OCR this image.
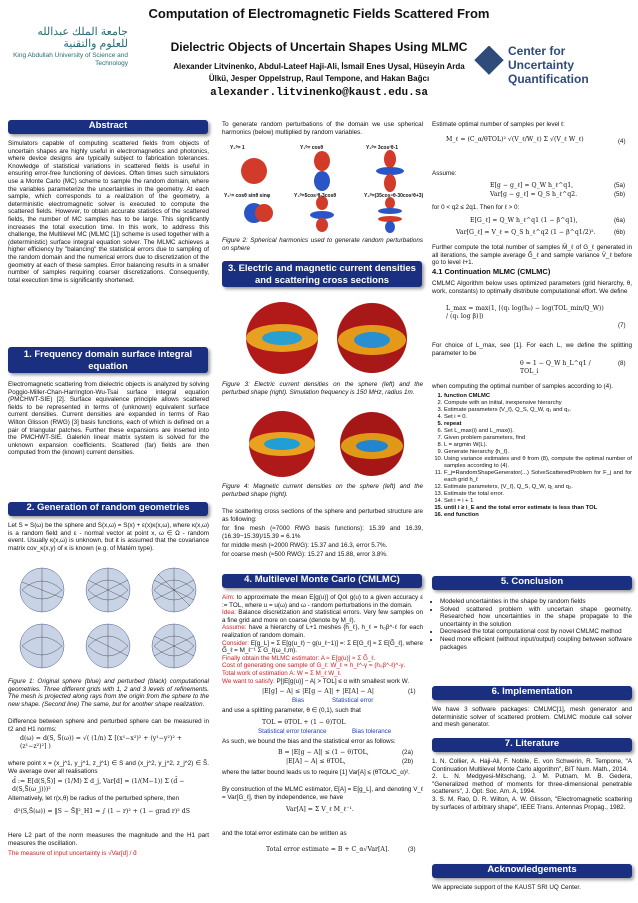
Computation of Electromagnetic Fields Scattered From
جامعة الملك عبدالله للعلوم والتقنية
King Abdullah University of Science and Technology
Center for Uncertainty Quantification
Dielectric Objects of Uncertain Shapes Using MLMC
Alexander Litvinenko, Abdul-Lateef Haji-Ali, İsmail Enes Uysal, Hüseyin Arda
Ülkü, Jesper Oppelstrup, Raul Tempone, and Hakan Bağcı
alexander.litvinenko@kaust.edu.sa
Abstract
Simulators capable of computing scattered fields from objects of uncertain shapes are highly useful in electromagnetics and photonics, where device designs are typically subject to fabrication tolerances. Knowledge of statistical variations in scattered fields is useful in ensuring error-free functioning of devices. Often times such simulators use a Monte Carlo (MC) scheme to sample the random domain, where the variables parameterize the uncertainties in the geometry. At each sample, which corresponds to a realization of the geometry, a deterministic electromagnetic solver is executed to compute the scattered fields. However, to obtain accurate statistics of the scattered fields, the number of MC samples has to be large. This significantly increases the total execution time. In this work, to address this challenge, the Multilevel MC (MLMC [1]) scheme is used together with a (deterministic) surface integral equation solver. The MLMC achieves a higher efficiency by "balancing" the statistical errors due to sampling of the random domain and the numerical errors due to discretization of the geometry at each of these samples. Error balancing results in a smaller number of samples requiring coarser discretizations. Consequently, total execution time is significantly shortened.
1. Frequency domain surface integral equation
Electromagnetic scattering from dielectric objects is analyzed by solving Poggio-Miller-Chan-Harrington-Wu-Tsai surface integral equation (PMCHWT-SIE) [2]. Surface equivalence principle allows scattered fields to be represented in terms of (unknown) equivalent surface current densities. Current densities are expanded in terms of Rao Wilton Glisson (RWG) [3] basis functions, each of which is defined on a pair of triangular patches. Further these expansions are inserted into the PMCHWT-SIE. Galerkin linear matrix system is solved for the unknown expansion coefficients. Scattered (far) fields are then computed from the (known) current densities.
2. Generation of random geometries
Let S = S(ω) be the sphere and S(x,ω) = S(x) + ε(x)κ(x,ω), where κ(x,ω) is a random field and ε - normal vector at point x, ω ∈ Ω - random event. Usually κ(x,ω) is unknown, but it is assumed that the covariance matrix cov_κ(x,y) of κ is known (e.g. of Matérn type).
Figure 1: Original sphere (blue) and perturbed (black) computational geometries. Three different grids with 1, 2 and 3 levels of refinements. The mesh is projected along rays from the origin from the sphere to the new shape. (Second line) The same, but for another shape realization.
Difference between sphere and perturbed sphere can be measured in ℓ2 and H1 norms:
d(ω) = d(S, S̃(ω)) = √( (1/n) Σ [(x¹−x²)² + (y¹−y²)² + (z¹−z²)²] )
where point x = (x_j^1, y_j^1, z_j^1) ∈ S and (x_j^2, y_j^2, z_j^2) ∈ S̃. We average over all realisations
d̄ := E[d(S,S̃)] ≈ (1/M) Σ d_j, Var[d] ≈ (1/(M−1)) Σ (d̄ − d(S,S̃(ω_j)))²
Alternatively, let r(x,θ) be radius of the perturbed sphere, then
d²(S,S̃(ω)) = ‖S − S̃‖²_H1 = ∫ (1 − r)² + (1 − grad r)² dS
Here L2 part of the norm measures the magnitude and the H1 part measures the oscillation.
The measure of input uncertainty is √Var[d] / d̄
To generate random perturbations of the domain we use spherical harmonics (below) multiplied by random variables.
Y₀⁰= 1	Y₁⁰= cosθ	Y₂⁰= 3cos²θ-1
Y₂¹= cosθ sinθ sinφ	Y₃⁰=5cos³θ-3cosθ	Y₄⁰=(35cos⁴θ-30cos²θ+3)
Figure 2: Spherical harmonics used to generate random perturbations on sphere
3. Electric and magnetic current densities and scattering cross sections
Figure 3: Electric current densities on the sphere (left) and the perturbed shape (right). Simulation frequency is 150 MHz, radius 1m.
Figure 4: Magnetic current densities on the sphere (left) and the perturbed shape (right).
The scattering cross sections of the sphere and perturbed structure are as following:
for fine mesh (≈7000 RWG basis functions): 15.39 and 16.39, (16.39−15.39)/15.39 = 6.1%
for middle mesh (≈2000 RWG): 15.37 and 16.3, error 5.7%.
for coarse mesh (≈500 RWG): 15.27 and 15.88, error 3.8%.
4. Multilevel Monte Carlo (CMLMC)
Aim: to approximate the mean E[g(u)] of QoI g(u) to a given accuracy ε := TOL, where u = u(ω) and ω - random perturbations in the domain.
Idea: Balance discretization and statistical errors. Very few samples on a fine grid and more on coarse (denote by M_ℓ).
Assume: have a hierarchy of L+1 meshes {h_ℓ}, h_ℓ = h₀β^-ℓ for each realization of random domain.
Consider: E[g_L] = Σ E[g(u_ℓ) − g(u_ℓ−1)] =: Σ E[G_ℓ] ≈ Σ E[G̃_ℓ], where G̃_ℓ = M_ℓ⁻¹ Σ G_ℓ(ω_ℓ,m).
Finally obtain the MLMC estimator: A ≈ E[g(u)] ≈ Σ G̃_ℓ.
Cost of generating one sample of G_ℓ: W_ℓ ∝ h_ℓ^-γ = (h₀β^-ℓ)^-γ.
Total work of estimation A: W = Σ M_ℓ W_ℓ.
We want to satisfy: P[|E[g(u)] − A| > TOL] ≤ α with smallest work W.
|E[g] − A| ≤ |E[g − A]| + |E[A] − A|	(1)
Bias	Statistical error
and use a splitting parameter, θ ∈ (0,1), such that
TOL = θTOL + (1 − θ)TOL
Statistical error tolerance	Bias tolerance
As such, we bound the bias and the statistical error as follows:
B = |E[g − A]| ≤ (1 − θ)TOL,	(2a)
|E[A] − A| ≤ θTOL,	(2b)
where the latter bound leads us to require [1] Var[A] ≤ (θTOL/C_α)².
By construction of the MLMC estimator, E[A] = E[g_L], and denoting V_ℓ = Var[G_ℓ], then by independence, we have
Var[A] = Σ V_ℓ M_ℓ⁻¹.
and the total error estimate can be written as
Total error estimate = B + C_α√Var[A].	(3)
Estimate optimal number of samples per level ℓ:
M_ℓ = (C_α/θTOL)² √(V_ℓ/W_ℓ) Σ √(V_ℓ W_ℓ)	(4)
Assume:
E[g − g_ℓ] ≈ Q_W h_ℓ^q1,	(5a)
Var[g − g_ℓ] ≈ Q_S h_ℓ^q2.	(5b)
for 0 < q2 ≤ 2q1. Then for ℓ > 0:
E[G_ℓ] ≈ Q_W h_ℓ^q1 (1 − β^q1),	(6a)
Var[G_ℓ] ≈ V_ℓ ≈ Q_S h_ℓ^q2 (1 − β^q1/2)².	(6b)
Further compute the total number of samples M̄_ℓ of G_ℓ generated in all iterations, the sample average G̃_ℓ and sample variance V̄_ℓ before go to level ℓ+1.
4.1 Continuation MLMC (CMLMC)
CMLMC Algorithm below uses optimized parameters (grid hierarchy, θ, work, constants) to optimally distribute computational effort. We define
L_max = max(1, ⌈(q₁ log(h₀) − log(TOL_min/Q_W)) / (q₁ log β)⌉)
(7)
For choice of L_max, see [1]. For each L, we define the splitting parameter to be
θ = 1 − Q_W h_L^q1 / TOL_i
(8)
when computing the optimal number of samples according to (4).
1. function CMLMC
2. Compute with an initial, inexpensive hierarchy
3. Estimate parameters {V_ℓ}, Q_S, Q_W, q₁ and q₂.
4. Set i = 0.
5. repeat
6. Set L_max(i) and L_max(i).
7. Given problem parameters, find
8. L = argmin W(L).
9. Generate hierarchy {h_ℓ}.
10. Using variance estimates and θ from (8), compute the optimal number of samples according to (4).
11. F_j=RandomShapeGenerator(...) SolveScatteredProblem for F_j and for each grid h_ℓ
12. Estimate parameters, {V_ℓ}, Q_S, Q_W, q₁ and q₂.
13. Estimate the total error.
14. Set i = i + 1
15. until i ≥ i_E and the total error estimate is less than TOL
16. end function
5. Conclusion
• Modeled uncertainties in the shape by random fields
• Solved scattered problem with uncertain shape geometry. Researched how uncertainties in the shape propagate to the uncertainty in the solution
• Decreased the total computational cost by novel CMLMC method
• Need more efficient (without input/output) coupling between software packages
6. Implementation
We have 3 software packages: CMLMC[1], mesh generator and deterministic solver of scattered problem. CMLMC module call solver and mesh generator.
7. Literature
1. N. Collier, A. Haji-Ali, F. Nobile, E. von Schwerin, R. Tempone, "A Continuation Multilevel Monte Carlo algorithm", BIT Num. Math., 2014.
2. L. N. Medgyesi-Mitschang, J. M. Putnam, M. B. Gedera, "Generalized method of moments for three-dimensional penetrable scatterers", J. Opt. Soc. Am. A, 1994.
3. S. M. Rao, D. R. Wilton, A. W. Glisson, "Electromagnetic scattering by surfaces of arbitrary shape", IEEE Trans. Antennas Propag., 1982.
Acknowledgements
We appreciate support of the KAUST SRI UQ Center.
